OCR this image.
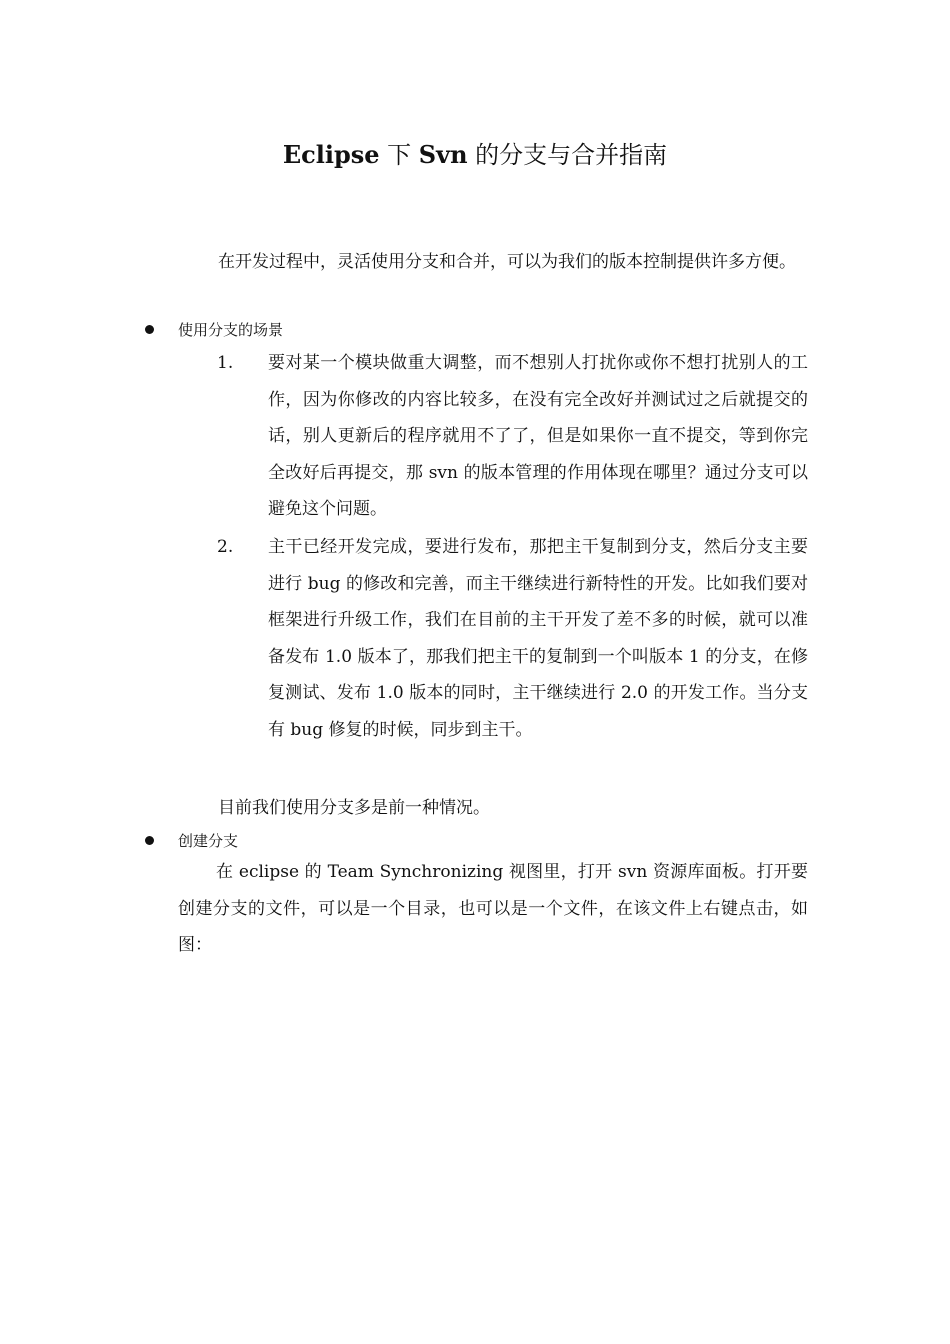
Eclipse 下 Svn 的分支与合并指南

在开发过程中，灵活使用分支和合并，可以为我们的版本控制提供许多方便。

使用分支的场景
1. 要对某一个模块做重大调整，而不想别人打扰你或你不想打扰别人的工作，因为你修改的内容比较多，在没有完全改好并测试过之后就提交的话，别人更新后的程序就用不了了，但是如果你一直不提交，等到你完全改好后再提交，那 svn 的版本管理的作用体现在哪里？通过分支可以避免这个问题。

2. 主干已经开发完成，要进行发布，那把主干复制到分支，然后分支主要进行 bug 的修改和完善，而主干继续进行新特性的开发。比如我们要对框架进行升级工作，我们在目前的主干开发了差不多的时候，就可以准备发布 1.0 版本了，那我们把主干的复制到一个叫版本 1 的分支，在修复测试、发布 1.0 版本的同时，主干继续进行 2.0 的开发工作。当分支有 bug 修复的时候，同步到主干。

目前我们使用分支多是前一种情况。

创建分支

在 eclipse 的 Team Synchronizing 视图里，打开 svn 资源库面板。打开要创建分支的文件，可以是一个目录，也可以是一个文件，在该文件上右键点击，如图：
